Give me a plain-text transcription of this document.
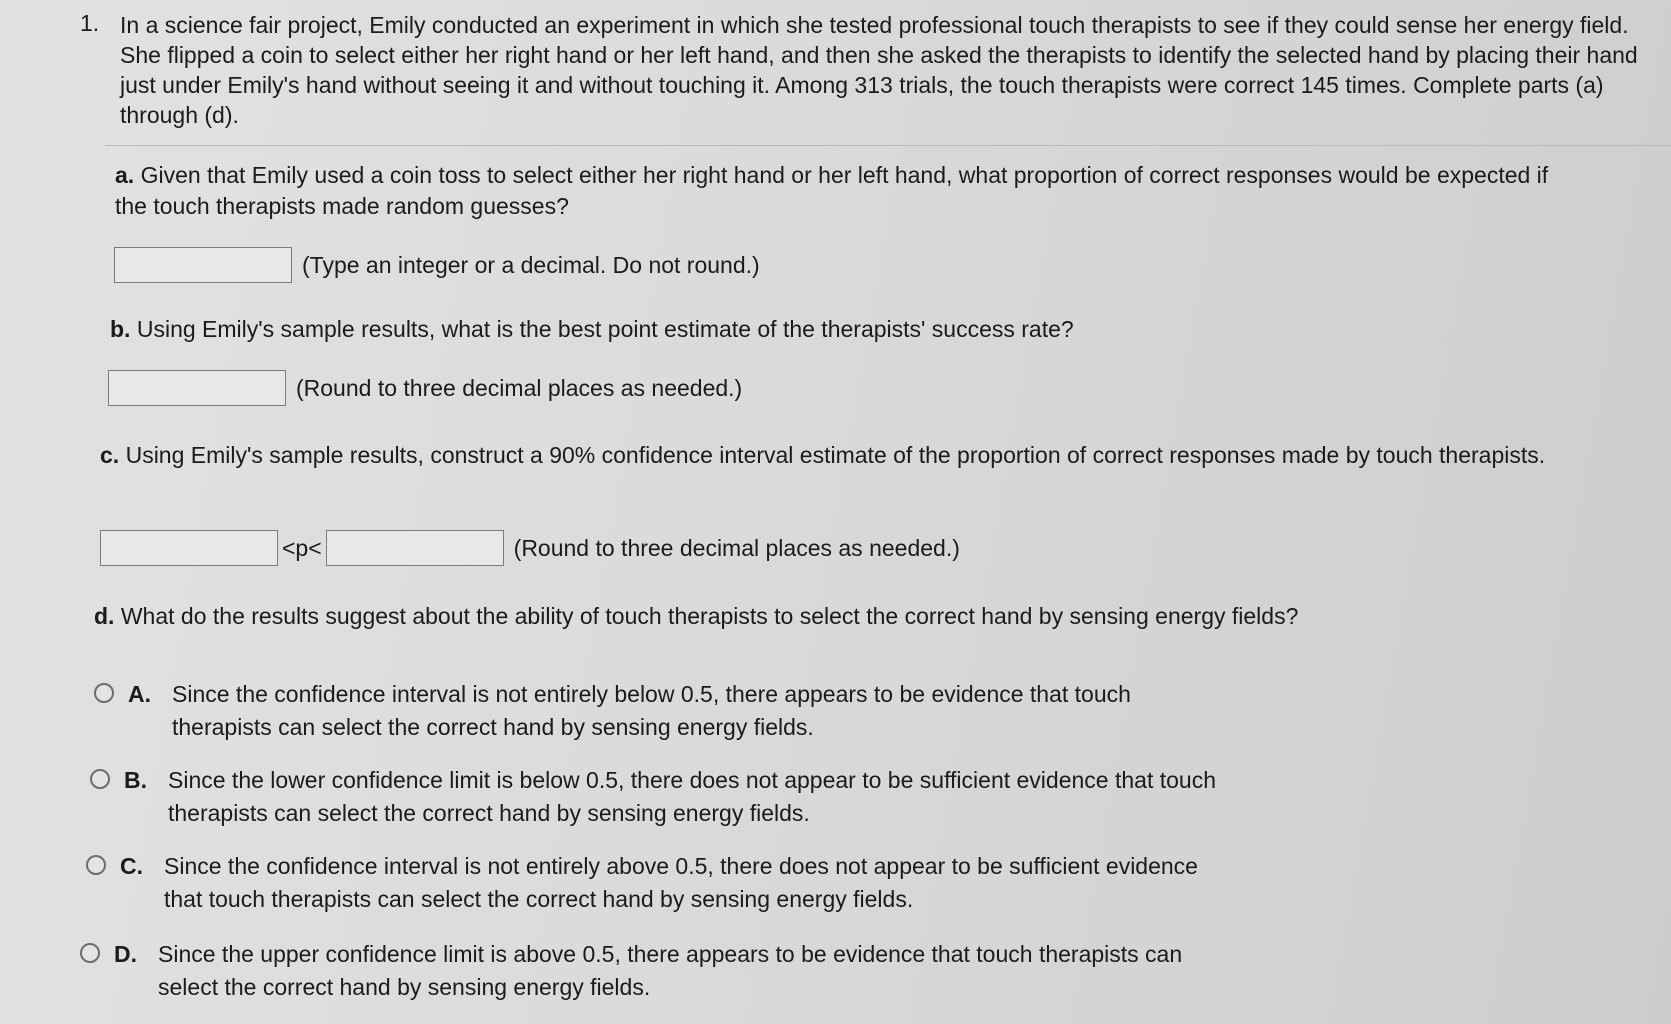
1. In a science fair project, Emily conducted an experiment in which she tested professional touch therapists to see if they could sense her energy field. She flipped a coin to select either her right hand or her left hand, and then she asked the therapists to identify the selected hand by placing their hand just under Emily's hand without seeing it and without touching it. Among 313 trials, the touch therapists were correct 145 times. Complete parts (a) through (d).
a. Given that Emily used a coin toss to select either her right hand or her left hand, what proportion of correct responses would be expected if the touch therapists made random guesses?
(Type an integer or a decimal. Do not round.)
b. Using Emily's sample results, what is the best point estimate of the therapists' success rate?
(Round to three decimal places as needed.)
c. Using Emily's sample results, construct a 90% confidence interval estimate of the proportion of correct responses made by touch therapists.
<p<	(Round to three decimal places as needed.)
d. What do the results suggest about the ability of touch therapists to select the correct hand by sensing energy fields?
A. Since the confidence interval is not entirely below 0.5, there appears to be evidence that touch therapists can select the correct hand by sensing energy fields.
B. Since the lower confidence limit is below 0.5, there does not appear to be sufficient evidence that touch therapists can select the correct hand by sensing energy fields.
C. Since the confidence interval is not entirely above 0.5, there does not appear to be sufficient evidence that touch therapists can select the correct hand by sensing energy fields.
D. Since the upper confidence limit is above 0.5, there appears to be evidence that touch therapists can select the correct hand by sensing energy fields.
